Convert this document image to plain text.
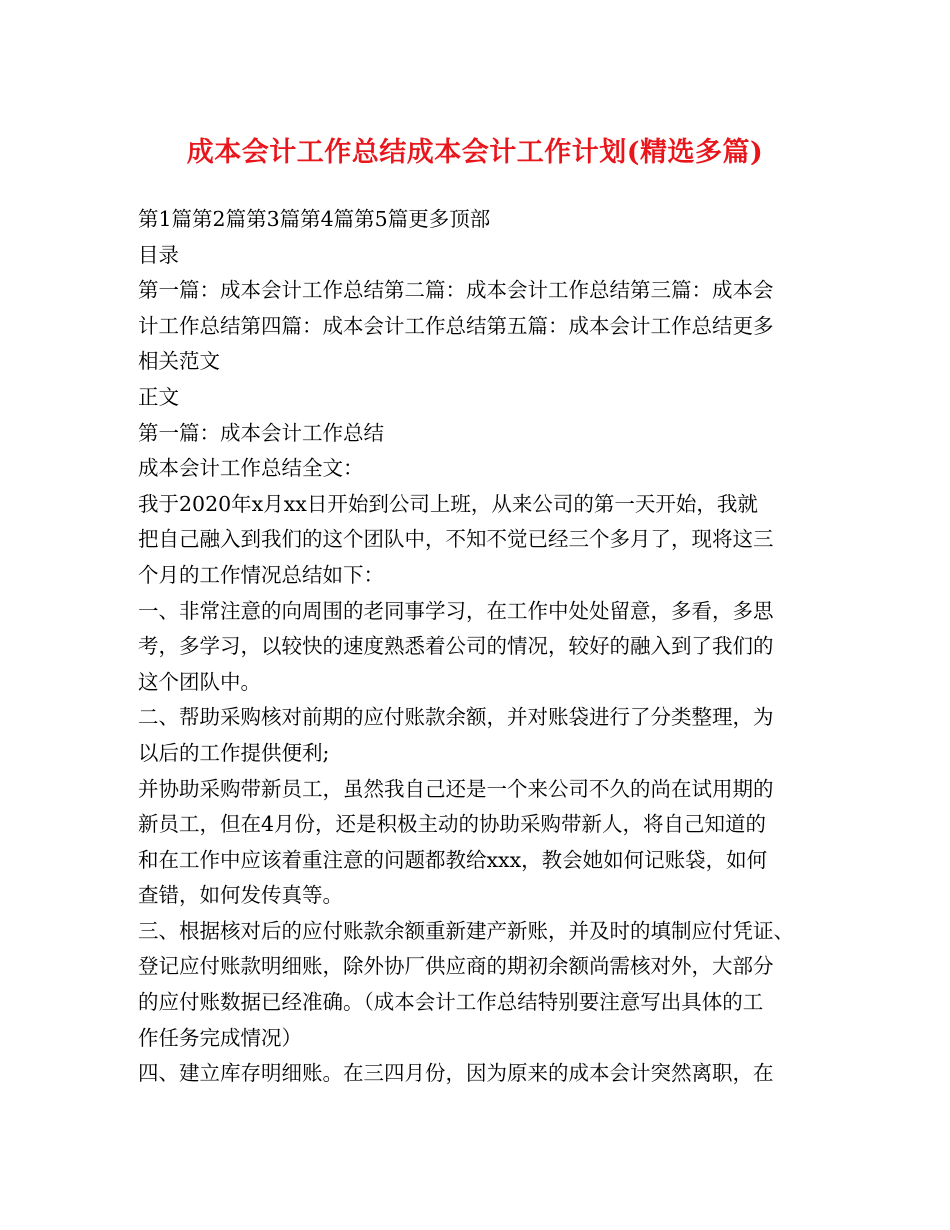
成本会计工作总结成本会计工作计划(精选多篇)
第1篇第2篇第3篇第4篇第5篇更多顶部
目录
第一篇：成本会计工作总结第二篇：成本会计工作总结第三篇：成本会
计工作总结第四篇：成本会计工作总结第五篇：成本会计工作总结更多
相关范文
正文
第一篇：成本会计工作总结
成本会计工作总结全文：
我于2020年x月xx日开始到公司上班，从来公司的第一天开始，我就
把自己融入到我们的这个团队中，不知不觉已经三个多月了，现将这三
个月的工作情况总结如下：
一、非常注意的向周围的老同事学习，在工作中处处留意，多看，多思
考，多学习，以较快的速度熟悉着公司的情况，较好的融入到了我们的
这个团队中。
二、帮助采购核对前期的应付账款余额，并对账袋进行了分类整理，为
以后的工作提供便利;
并协助采购带新员工，虽然我自己还是一个来公司不久的尚在试用期的
新员工，但在4月份，还是积极主动的协助采购带新人，将自己知道的
和在工作中应该着重注意的问题都教给xxx，教会她如何记账袋，如何
查错，如何发传真等。
三、根据核对后的应付账款余额重新建产新账，并及时的填制应付凭证、
登记应付账款明细账，除外协厂供应商的期初余额尚需核对外，大部分
的应付账数据已经准确。（成本会计工作总结特别要注意写出具体的工
作任务完成情况）
四、建立库存明细账。在三四月份，因为原来的成本会计突然离职，在
